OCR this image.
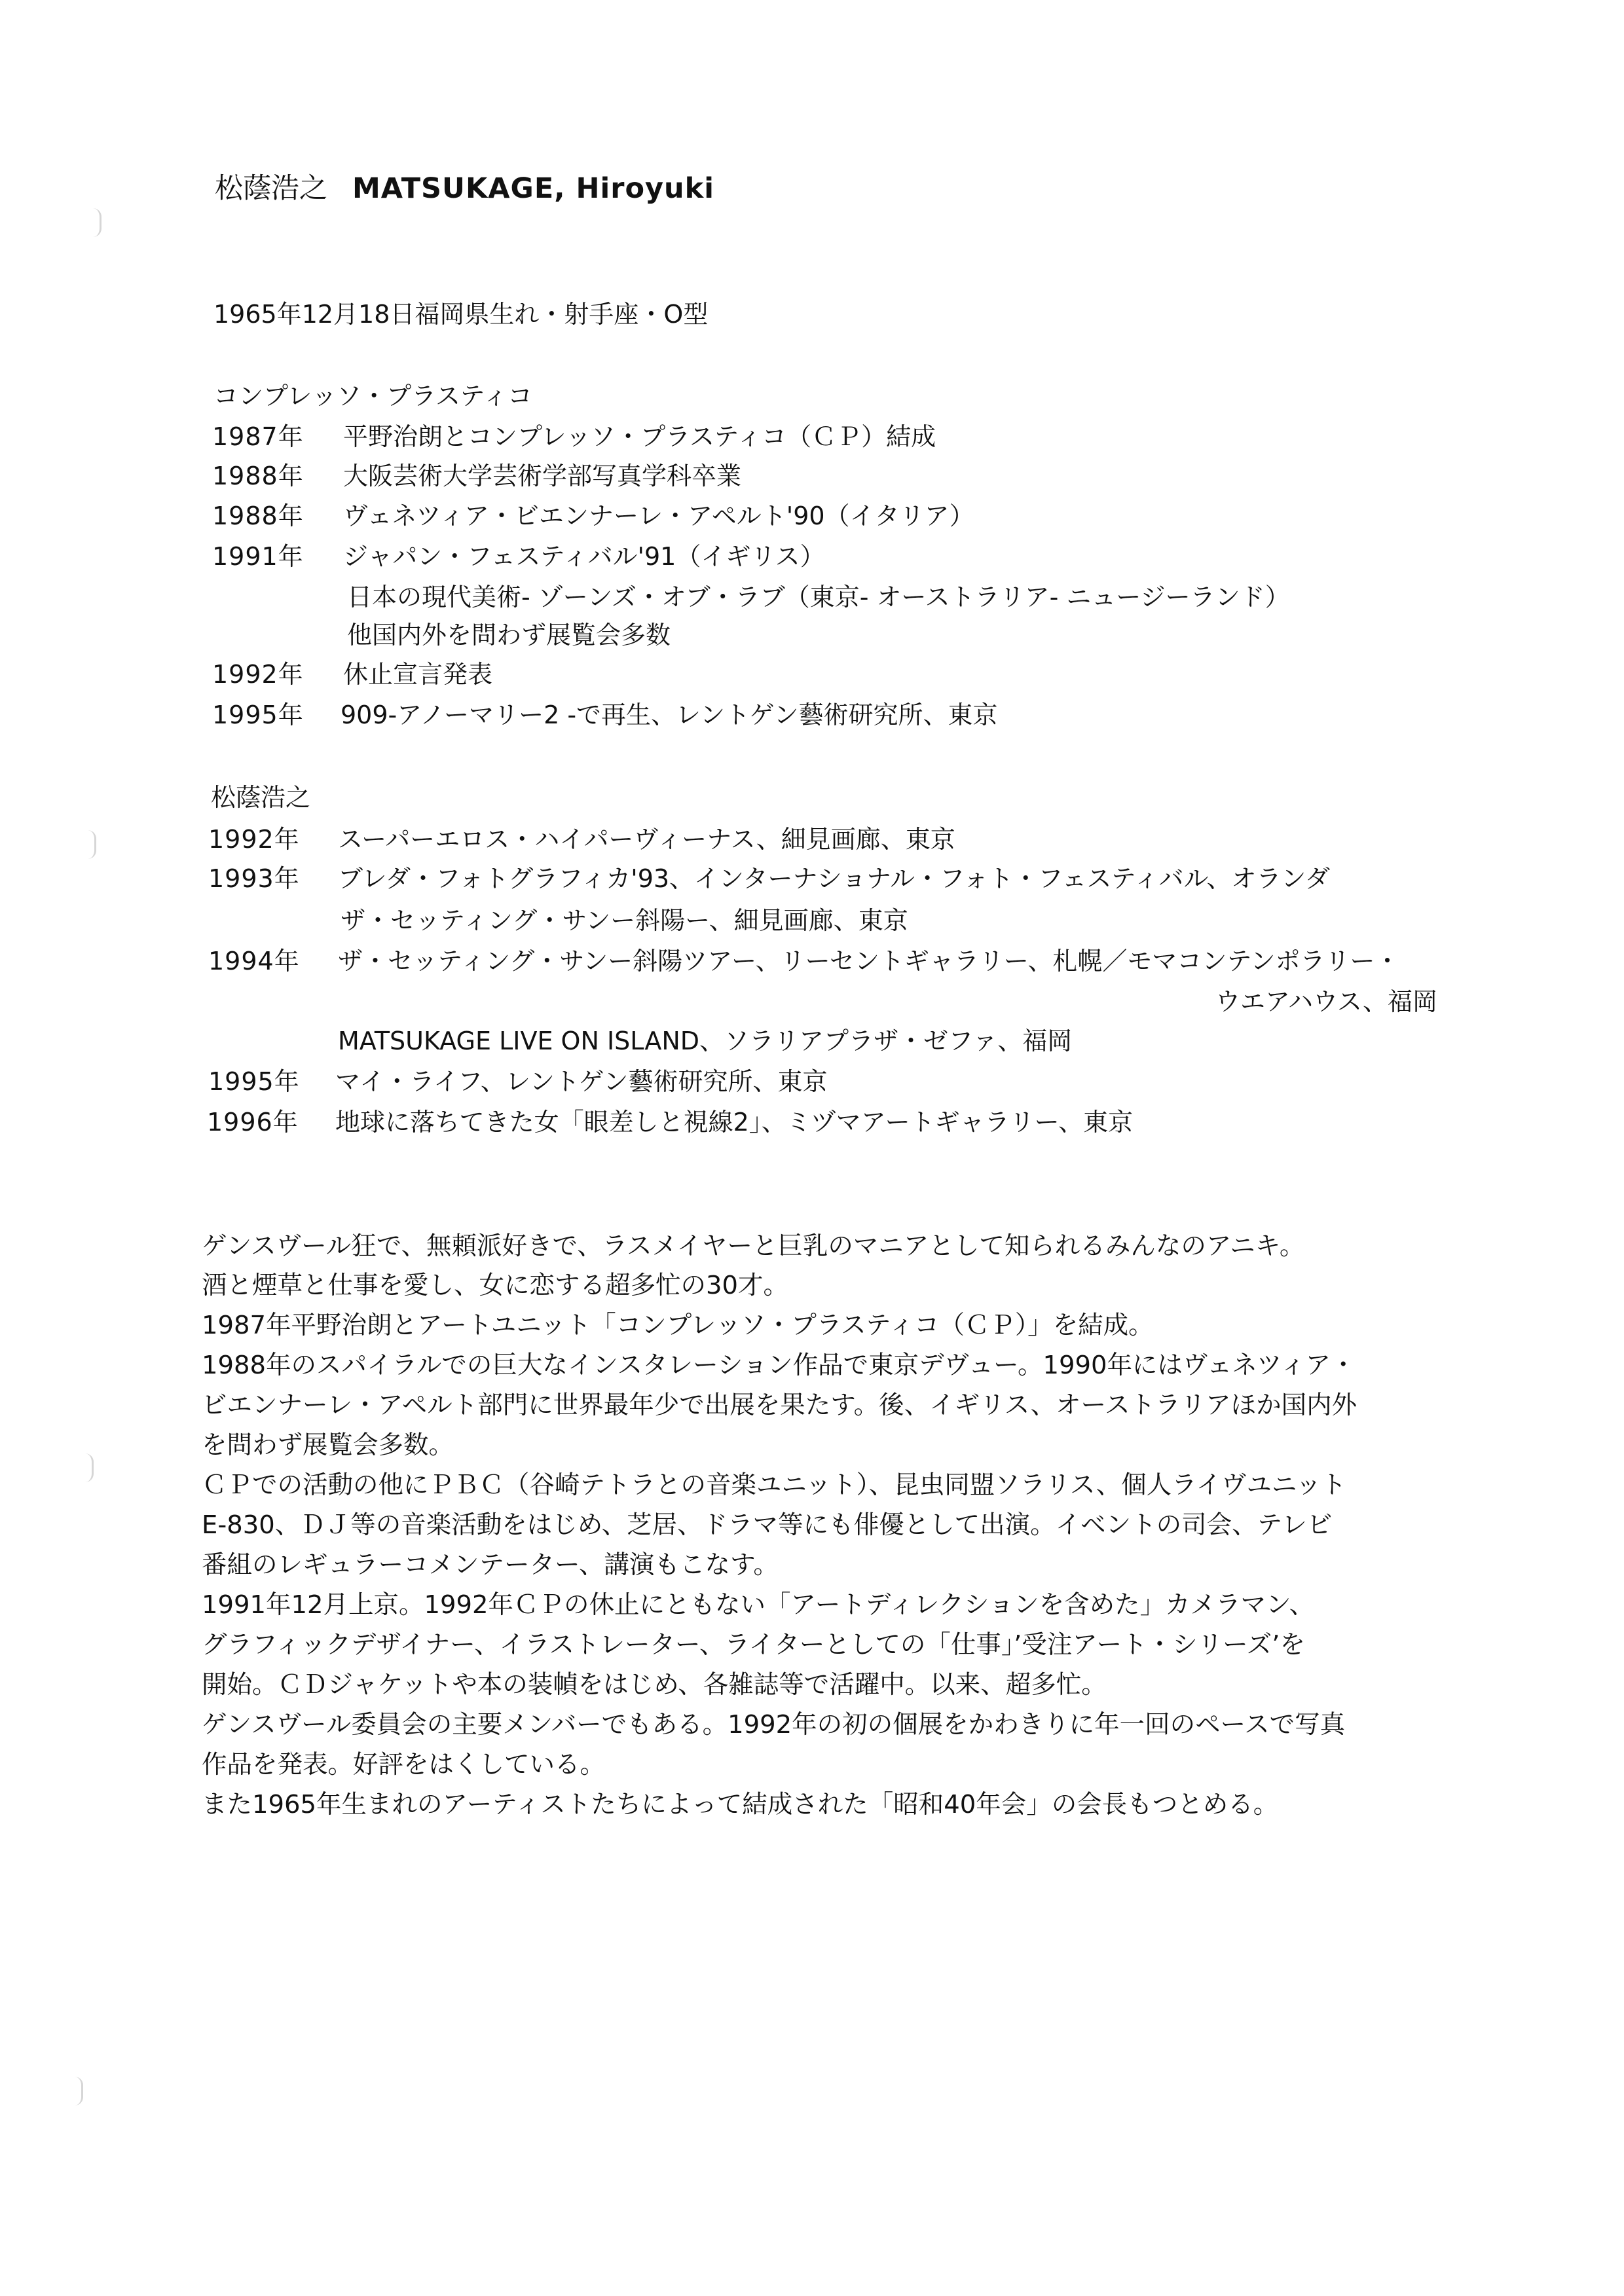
松蔭浩之 MATSUKAGE, Hiroyuki
1965年12月18日福岡県生れ・射手座・O型
コンプレッソ・プラスティコ
1987年 平野治朗とコンプレッソ・プラスティコ（ＣＰ）結成
1988年 大阪芸術大学芸術学部写真学科卒業
1988年 ヴェネツィア・ビエンナーレ・アペルト'90（イタリア）
1991年 ジャパン・フェスティバル'91（イギリス）
日本の現代美術- ゾーンズ・オブ・ラブ（東京- オーストラリア- ニュージーランド）
他国内外を問わず展覧会多数
1992年 休止宣言発表
1995年 909-アノーマリー2 -で再生、レントゲン藝術研究所、東京
松蔭浩之
1992年 スーパーエロス・ハイパーヴィーナス、細見画廊、東京
1993年 ブレダ・フォトグラフィカ'93、インターナショナル・フォト・フェスティバル、オランダ
ザ・セッティング・サンー斜陽ー、細見画廊、東京
1994年 ザ・セッティング・サンー斜陽ツアー、リーセントギャラリー、札幌／モマコンテンポラリー・
ウエアハウス、福岡
MATSUKAGE LIVE ON ISLAND、ソラリアプラザ・ゼファ、福岡
1995年 マイ・ライフ、レントゲン藝術研究所、東京
1996年 地球に落ちてきた女「眼差しと視線2」、ミヅマアートギャラリー、東京
ゲンスヴール狂で、無頼派好きで、ラスメイヤーと巨乳のマニアとして知られるみんなのアニキ。
酒と煙草と仕事を愛し、女に恋する超多忙の30才。
1987年平野治朗とアートユニット「コンプレッソ・プラスティコ（ＣＰ）」を結成。
1988年のスパイラルでの巨大なインスタレーション作品で東京デヴュー。1990年にはヴェネツィア・
ビエンナーレ・アペルト部門に世界最年少で出展を果たす。後、イギリス、オーストラリアほか国内外
を問わず展覧会多数。
ＣＰでの活動の他にＰＢＣ（谷崎テトラとの音楽ユニット）、昆虫同盟ソラリス、個人ライヴユニット
E-830、ＤＪ等の音楽活動をはじめ、芝居、ドラマ等にも俳優として出演。イベントの司会、テレビ
番組のレギュラーコメンテーター、講演もこなす。
1991年12月上京。1992年ＣＰの休止にともない「アートディレクションを含めた」カメラマン、
グラフィックデザイナー、イラストレーター、ライターとしての「仕事」’受注アート・シリーズ’を
開始。ＣＤジャケットや本の装幀をはじめ、各雑誌等で活躍中。以来、超多忙。
ゲンスヴール委員会の主要メンバーでもある。1992年の初の個展をかわきりに年一回のペースで写真
作品を発表。好評をはくしている。
また1965年生まれのアーティストたちによって結成された「昭和40年会」の会長もつとめる。
